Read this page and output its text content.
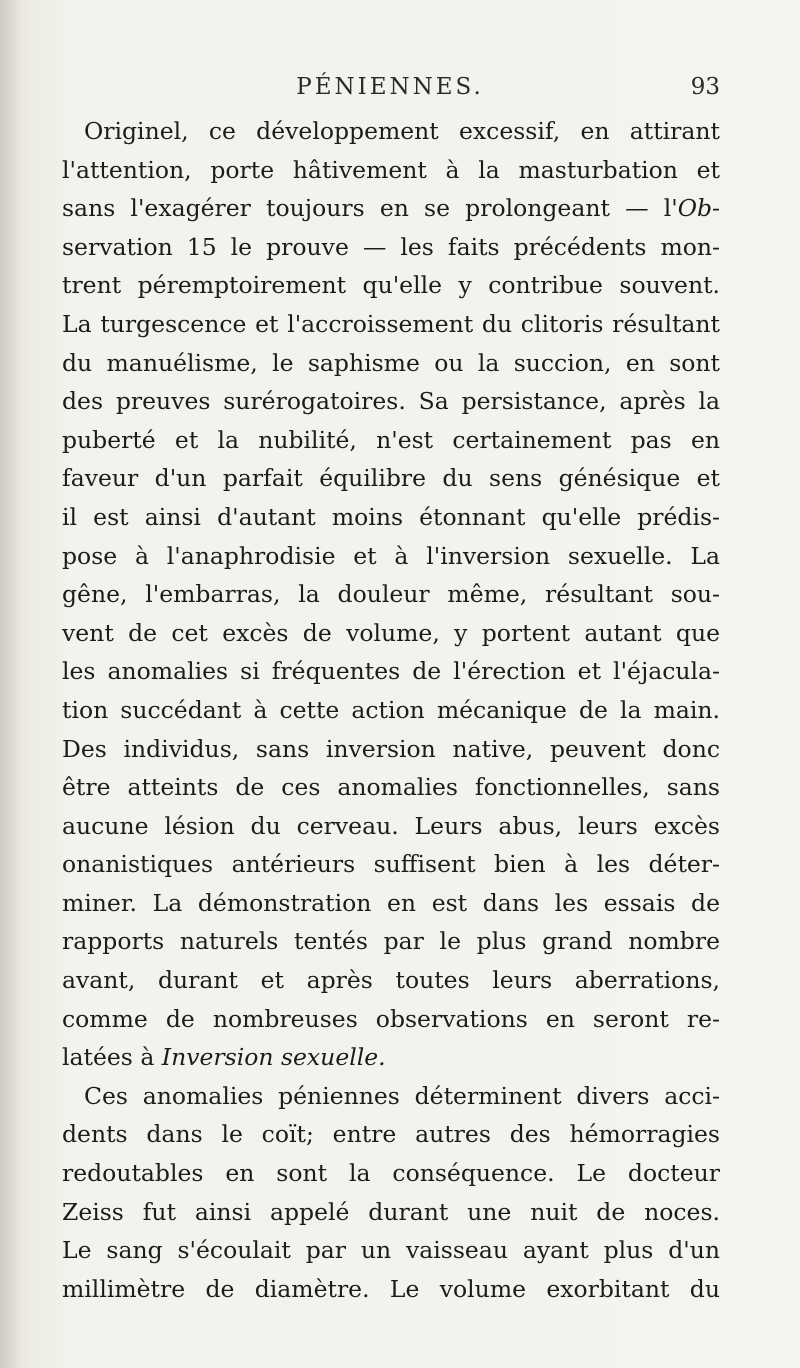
PÉNIENNES.	93
Originel, ce développement excessif, en attirant
l'attention, porte hâtivement à la masturbation et
sans l'exagérer toujours en se prolongeant — l'Ob-
servation 15 le prouve — les faits précédents mon-
trent péremptoirement qu'elle y contribue souvent.
La turgescence et l'accroissement du clitoris résultant
du manuélisme, le saphisme ou la succion, en sont
des preuves surérogatoires. Sa persistance, après la
puberté et la nubilité, n'est certainement pas en
faveur d'un parfait équilibre du sens génésique et
il est ainsi d'autant moins étonnant qu'elle prédis-
pose à l'anaphrodisie et à l'inversion sexuelle. La
gêne, l'embarras, la douleur même, résultant sou-
vent de cet excès de volume, y portent autant que
les anomalies si fréquentes de l'érection et l'éjacula-
tion succédant à cette action mécanique de la main.
Des individus, sans inversion native, peuvent donc
être atteints de ces anomalies fonctionnelles, sans
aucune lésion du cerveau. Leurs abus, leurs excès
onanistiques antérieurs suffisent bien à les déter-
miner. La démonstration en est dans les essais de
rapports naturels tentés par le plus grand nombre
avant, durant et après toutes leurs aberrations,
comme de nombreuses observations en seront re-
latées à Inversion sexuelle.
Ces anomalies péniennes déterminent divers acci-
dents dans le coït; entre autres des hémorragies
redoutables en sont la conséquence. Le docteur
Zeiss fut ainsi appelé durant une nuit de noces.
Le sang s'écoulait par un vaisseau ayant plus d'un
millimètre de diamètre. Le volume exorbitant du
